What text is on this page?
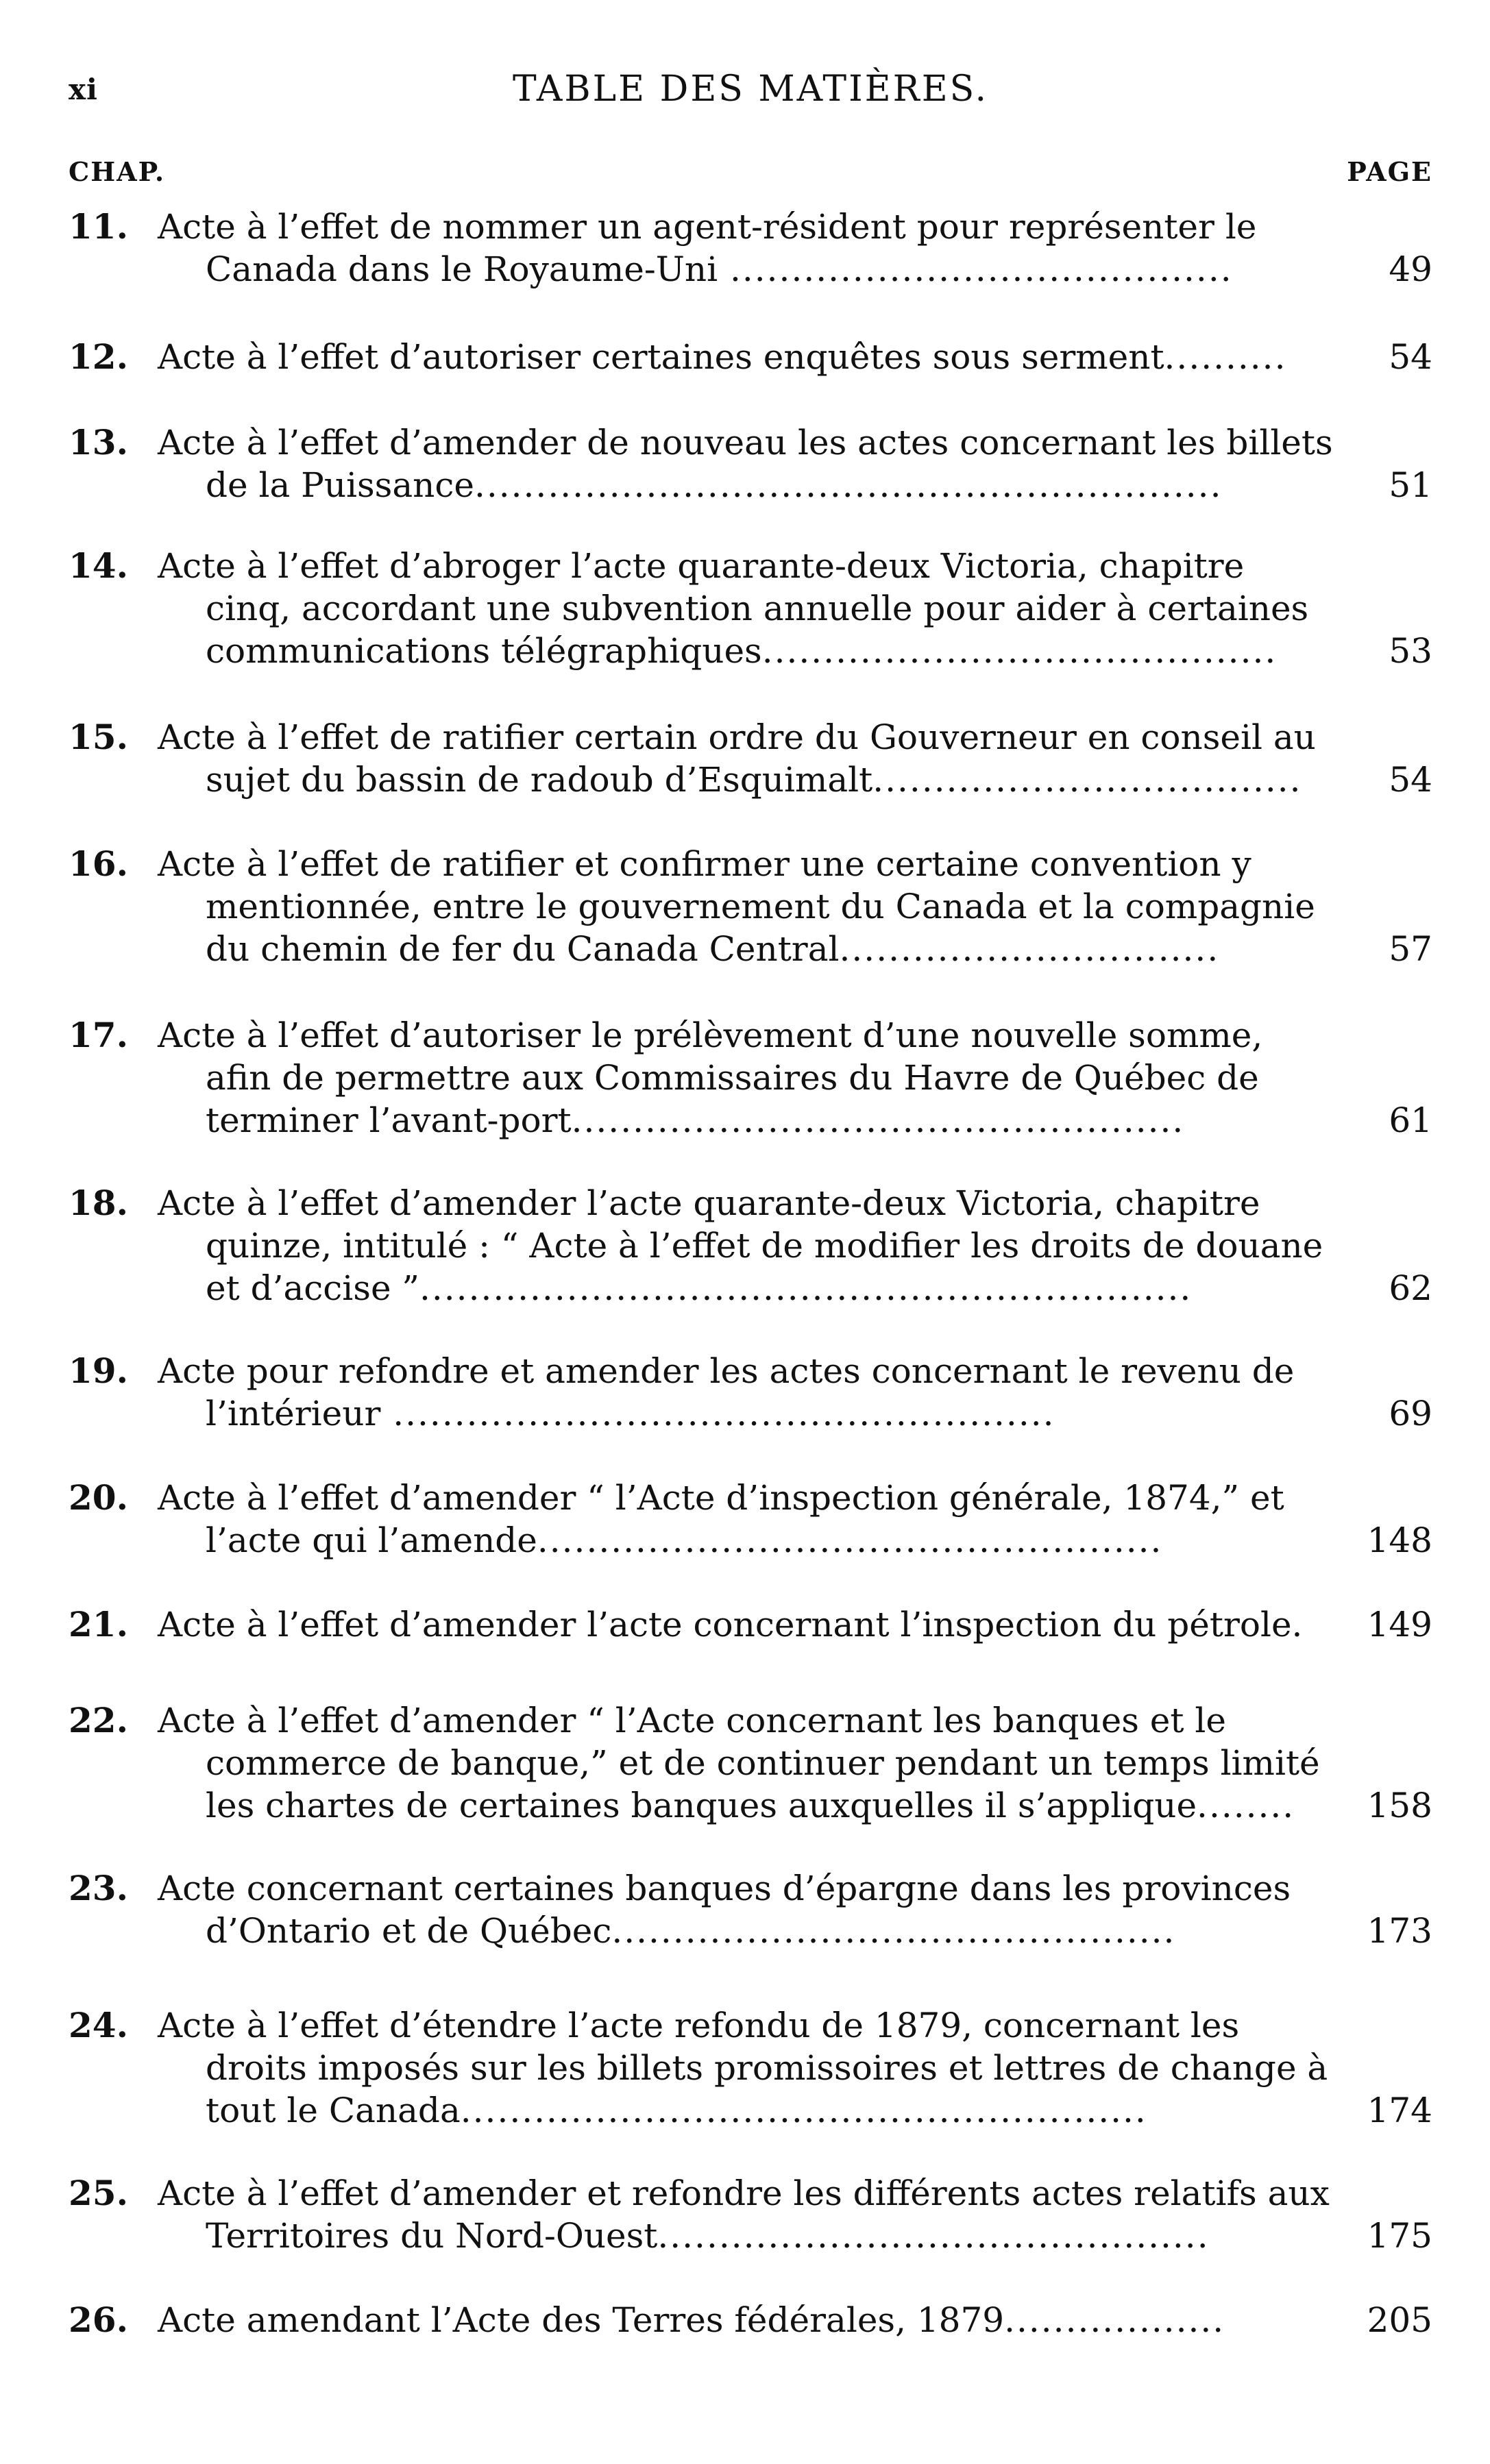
xi	TABLE DES MATIÈRES.
CHAP.	PAGE
11. Acte à l’effet de nommer un agent-résident pour représenter le Canada dans le Royaume-Uni .........................................	49
12. Acte à l’effet d’autoriser certaines enquêtes sous serment..........	54
13. Acte à l’effet d’amender de nouveau les actes concernant les billets de la Puissance.............................................................	51
14. Acte à l’effet d’abroger l’acte quarante-deux Victoria, chapitre cinq, accordant une subvention annuelle pour aider à certaines communications télégraphiques..........................................	53
15. Acte à l’effet de ratifier certain ordre du Gouverneur en conseil au sujet du bassin de radoub d’Esquimalt...................................	54
16. Acte à l’effet de ratifier et confirmer une certaine convention y mentionnée, entre le gouvernement du Canada et la compagnie du chemin de fer du Canada Central...............................	57
17. Acte à l’effet d’autoriser le prélèvement d’une nouvelle somme, afin de permettre aux Commissaires du Havre de Québec de terminer l’avant-port..................................................	61
18. Acte à l’effet d’amender l’acte quarante-deux Victoria, chapitre quinze, intitulé : “ Acte à l’effet de modifier les droits de douane et d’accise ”...............................................................	62
19. Acte pour refondre et amender les actes concernant le revenu de l’intérieur ......................................................	69
20. Acte à l’effet d’amender “ l’Acte d’inspection générale, 1874,” et l’acte qui l’amende...................................................	148
21. Acte à l’effet d’amender l’acte concernant l’inspection du pétrole.	149
22. Acte à l’effet d’amender “ l’Acte concernant les banques et le commerce de banque,” et de continuer pendant un temps limité les chartes de certaines banques auxquelles il s’applique........	158
23. Acte concernant certaines banques d’épargne dans les provinces d’Ontario et de Québec..............................................	173
24. Acte à l’effet d’étendre l’acte refondu de 1879, concernant les droits imposés sur les billets promissoires et lettres de change à tout le Canada........................................................	174
25. Acte à l’effet d’amender et refondre les différents actes relatifs aux Territoires du Nord-Ouest.............................................	175
26. Acte amendant l’Acte des Terres fédérales, 1879..................	205
